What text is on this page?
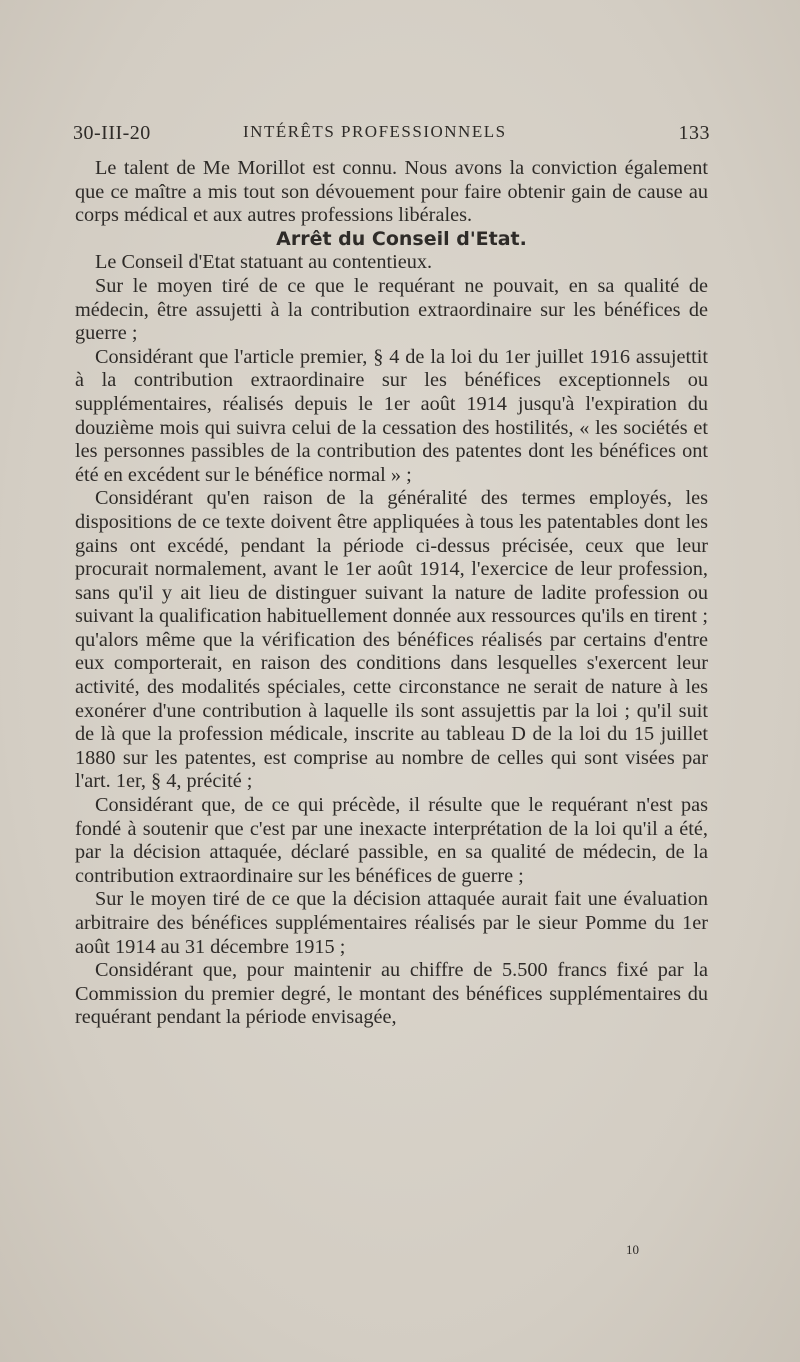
30-III-20	INTÉRÊTS PROFESSIONNELS	133

Le talent de Me Morillot est connu. Nous avons la conviction également que ce maître a mis tout son dévouement pour faire obtenir gain de cause au corps médical et aux autres professions libérales.

Arrêt du Conseil d'Etat.

Le Conseil d'Etat statuant au contentieux.

Sur le moyen tiré de ce que le requérant ne pouvait, en sa qualité de médecin, être assujetti à la contribution extraordinaire sur les bénéfices de guerre ;

Considérant que l'article premier, § 4 de la loi du 1er juillet 1916 assujettit à la contribution extraordinaire sur les bénéfices exceptionnels ou supplémentaires, réalisés depuis le 1er août 1914 jusqu'à l'expiration du douzième mois qui suivra celui de la cessation des hostilités, « les sociétés et les personnes passibles de la contribution des patentes dont les bénéfices ont été en excédent sur le bénéfice normal » ;

Considérant qu'en raison de la généralité des termes employés, les dispositions de ce texte doivent être appliquées à tous les patentables dont les gains ont excédé, pendant la période ci-dessus précisée, ceux que leur procurait normalement, avant le 1er août 1914, l'exercice de leur profession, sans qu'il y ait lieu de distinguer suivant la nature de ladite profession ou suivant la qualification habituellement donnée aux ressources qu'ils en tirent ; qu'alors même que la vérification des bénéfices réalisés par certains d'entre eux comporterait, en raison des conditions dans lesquelles s'exercent leur activité, des modalités spéciales, cette circonstance ne serait de nature à les exonérer d'une contribution à laquelle ils sont assujettis par la loi ; qu'il suit de là que la profession médicale, inscrite au tableau D de la loi du 15 juillet 1880 sur les patentes, est comprise au nombre de celles qui sont visées par l'art. 1er, § 4, précité ;

Considérant que, de ce qui précède, il résulte que le requérant n'est pas fondé à soutenir que c'est par une inexacte interprétation de la loi qu'il a été, par la décision attaquée, déclaré passible, en sa qualité de médecin, de la contribution extraordinaire sur les bénéfices de guerre ;

Sur le moyen tiré de ce que la décision attaquée aurait fait une évaluation arbitraire des bénéfices supplémentaires réalisés par le sieur Pomme du 1er août 1914 au 31 décembre 1915 ;

Considérant que, pour maintenir au chiffre de 5.500 francs fixé par la Commission du premier degré, le montant des bénéfices supplémentaires du requérant pendant la période envisagée,

10
